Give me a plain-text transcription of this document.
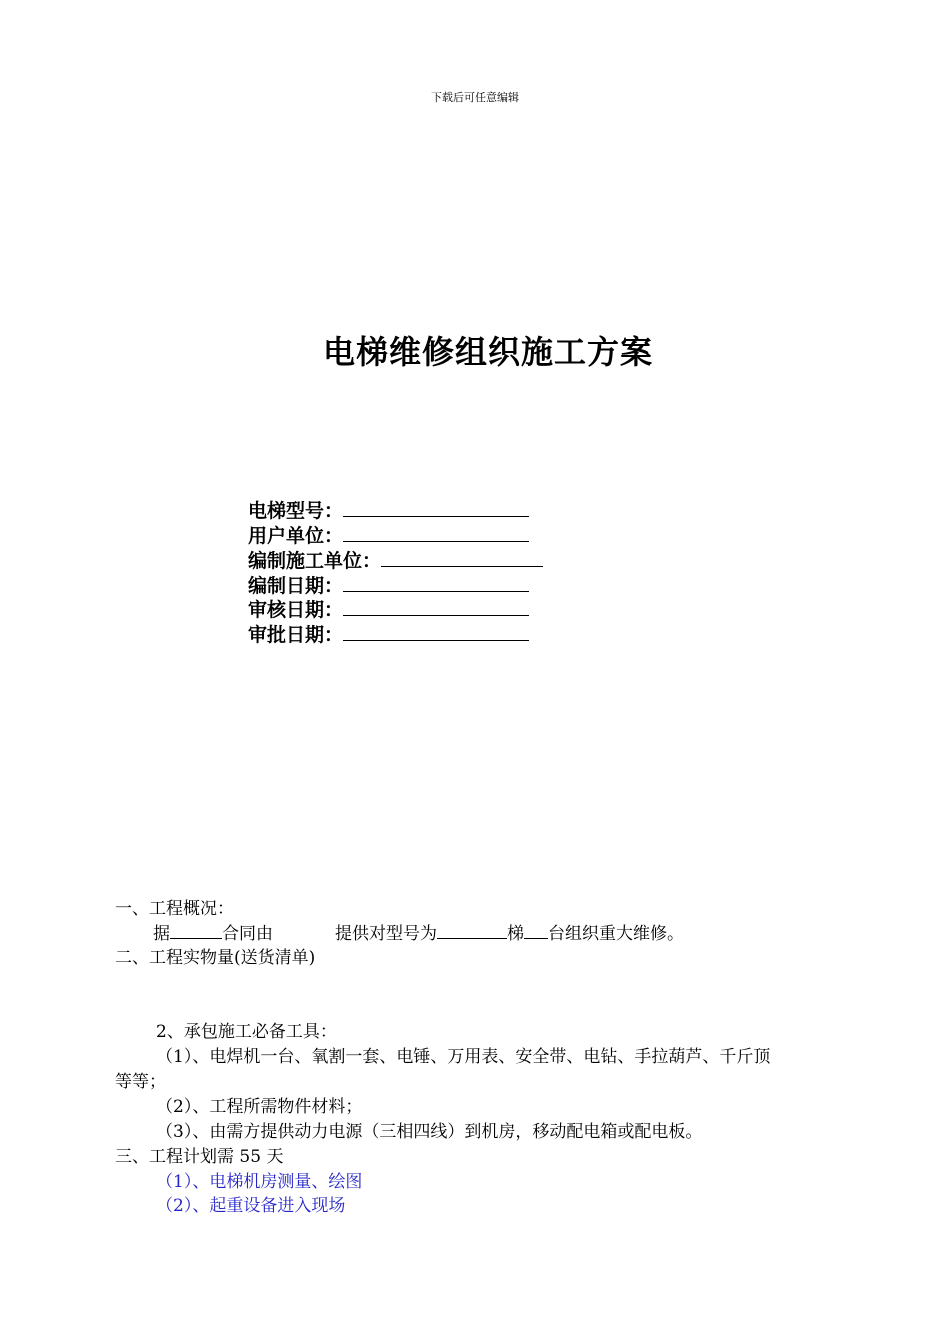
下载后可任意编辑
电梯维修组织施工方案
电梯型号：
用户单位：
编制施工单位：
编制日期：
审核日期：
审批日期：
一、工程概况：
据	合同由	提供对型号为	梯 台组织重大维修。
二、工程实物量(送货清单)
2、承包施工必备工具：
（1）、电焊机一台、氧割一套、电锤、万用表、安全带、电钻、手拉葫芦、千斤顶
等等；
（2）、工程所需物件材料；
（3）、由需方提供动力电源（三相四线）到机房，移动配电箱或配电板。
三、工程计划需 55 天
（1）、电梯机房测量、绘图
（2）、起重设备进入现场
